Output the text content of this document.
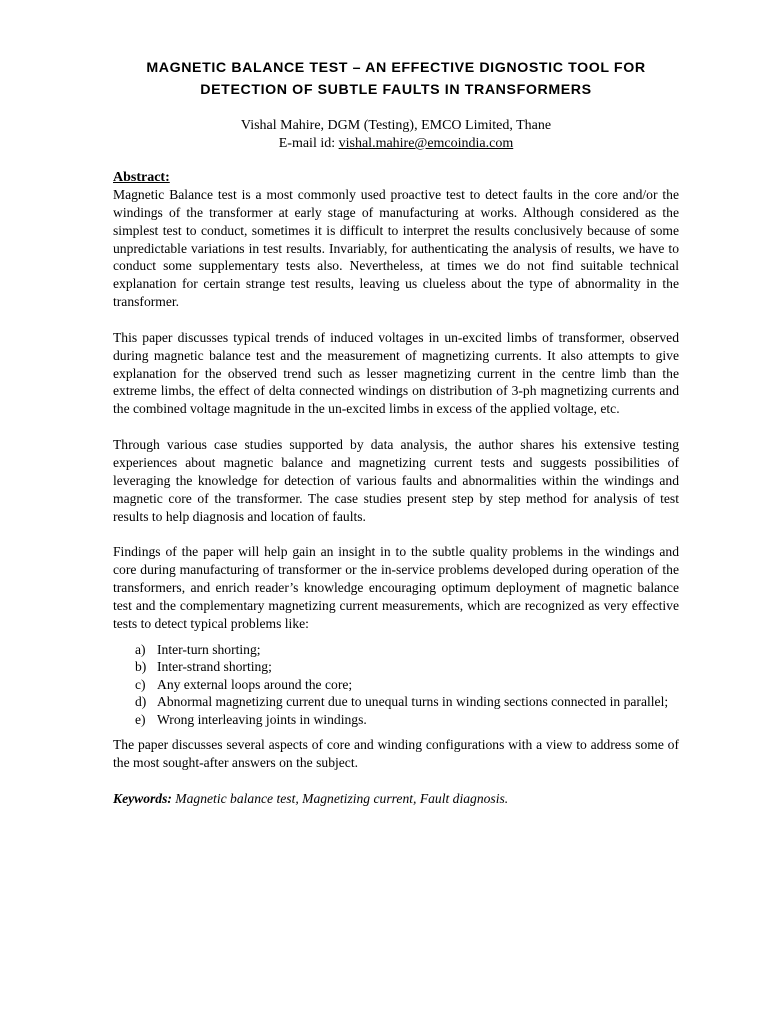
MAGNETIC BALANCE TEST – AN EFFECTIVE DIGNOSTIC TOOL FOR
DETECTION OF SUBTLE FAULTS IN TRANSFORMERS
Vishal Mahire, DGM (Testing), EMCO Limited, Thane
E-mail id: vishal.mahire@emcoindia.com
Abstract:

Magnetic Balance test is a most commonly used proactive test to detect faults in the core and/or the windings of the transformer at early stage of manufacturing at works. Although considered as the simplest test to conduct, sometimes it is difficult to interpret the results conclusively because of some unpredictable variations in test results. Invariably, for authenticating the analysis of results, we have to conduct some supplementary tests also. Nevertheless, at times we do not find suitable technical explanation for certain strange test results, leaving us clueless about the type of abnormality in the transformer.

This paper discusses typical trends of induced voltages in un-excited limbs of transformer, observed during magnetic balance test and the measurement of magnetizing currents. It also attempts to give explanation for the observed trend such as lesser magnetizing current in the centre limb than the extreme limbs, the effect of delta connected windings on distribution of 3-ph magnetizing currents and the combined voltage magnitude in the un-excited limbs in excess of the applied voltage, etc.

Through various case studies supported by data analysis, the author shares his extensive testing experiences about magnetic balance and magnetizing current tests and suggests possibilities of leveraging the knowledge for detection of various faults and abnormalities within the windings and magnetic core of the transformer. The case studies present step by step method for analysis of test results to help diagnosis and location of faults.

Findings of the paper will help gain an insight in to the subtle quality problems in the windings and core during manufacturing of transformer or the in-service problems developed during operation of the transformers, and enrich reader’s knowledge encouraging optimum deployment of magnetic balance test and the complementary magnetizing current measurements, which are recognized as very effective tests to detect typical problems like:

a) Inter-turn shorting;
b) Inter-strand shorting;
c) Any external loops around the core;
d) Abnormal magnetizing current due to unequal turns in winding sections connected in parallel;
e) Wrong interleaving joints in windings.

The paper discusses several aspects of core and winding configurations with a view to address some of the most sought-after answers on the subject.

Keywords: Magnetic balance test, Magnetizing current, Fault diagnosis.
